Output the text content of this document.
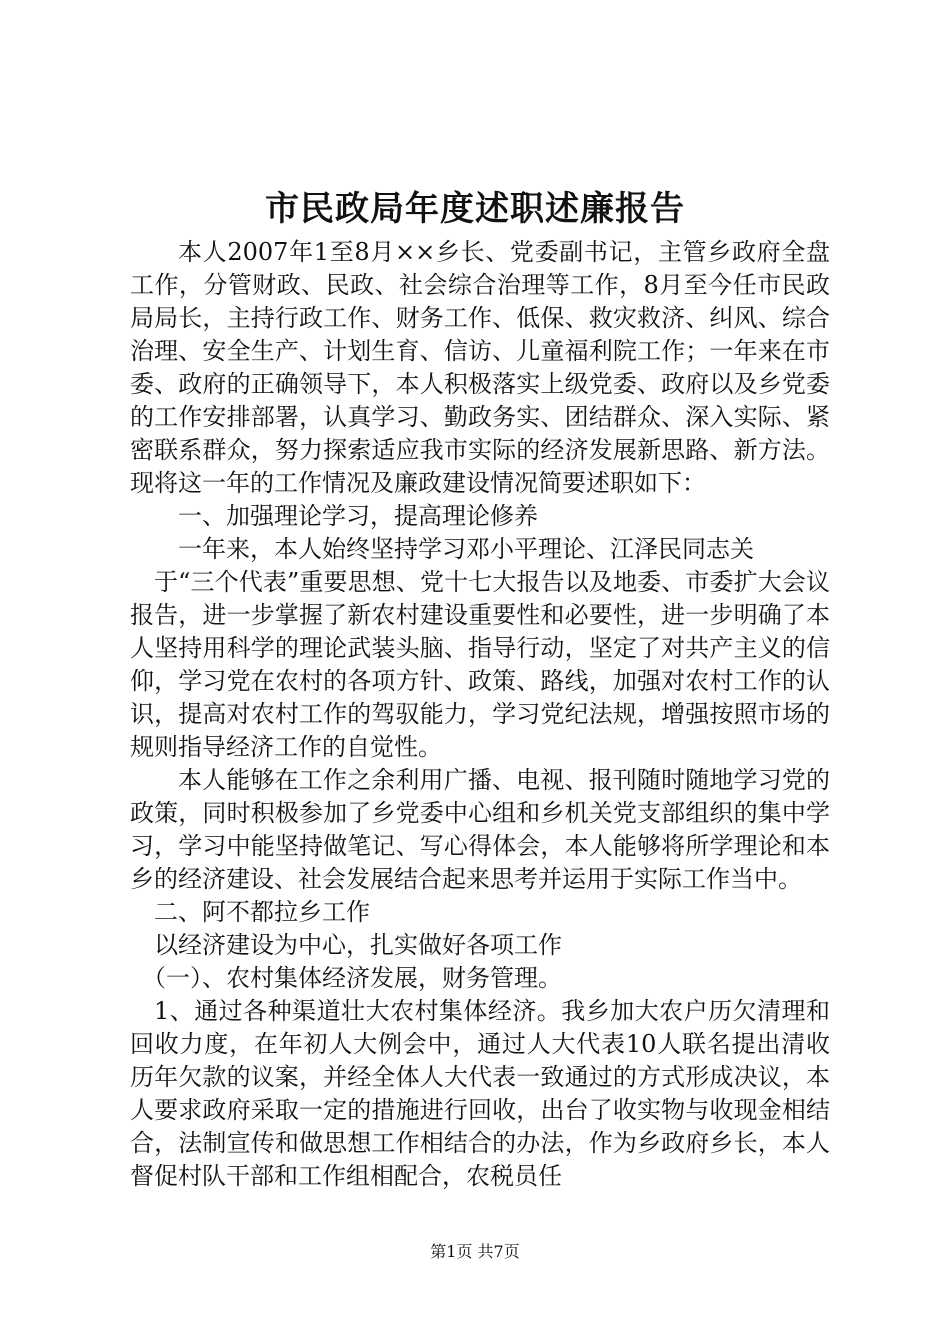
市民政局年度述职述廉报告

本人2007年1至8月××乡长、党委副书记，主管乡政府全盘工作，分管财政、民政、社会综合治理等工作，8月至今任市民政局局长，主持行政工作、财务工作、低保、救灾救济、纠风、综合治理、安全生产、计划生育、信访、儿童福利院工作；一年来在市委、政府的正确领导下，本人积极落实上级党委、政府以及乡党委的工作安排部署，认真学习、勤政务实、团结群众、深入实际、紧密联系群众，努力探索适应我市实际的经济发展新思路、新方法。现将这一年的工作情况及廉政建设情况简要述职如下：

一、加强理论学习，提高理论修养

一年来，本人始终坚持学习邓小平理论、江泽民同志关

于“三个代表”重要思想、党十七大报告以及地委、市委扩大会议报告，进一步掌握了新农村建设重要性和必要性，进一步明确了本人坚持用科学的理论武装头脑、指导行动，坚定了对共产主义的信仰，学习党在农村的各项方针、政策、路线，加强对农村工作的认识，提高对农村工作的驾驭能力，学习党纪法规，增强按照市场的规则指导经济工作的自觉性。

本人能够在工作之余利用广播、电视、报刊随时随地学习党的政策，同时积极参加了乡党委中心组和乡机关党支部组织的集中学习，学习中能坚持做笔记、写心得体会，本人能够将所学理论和本乡的经济建设、社会发展结合起来思考并运用于实际工作当中。

二、阿不都拉乡工作

以经济建设为中心，扎实做好各项工作

（一）、农村集体经济发展，财务管理。

1、通过各种渠道壮大农村集体经济。我乡加大农户历欠清理和回收力度，在年初人大例会中，通过人大代表10人联名提出清收历年欠款的议案，并经全体人大代表一致通过的方式形成决议，本人要求政府采取一定的措施进行回收，出台了收实物与收现金相结合，法制宣传和做思想工作相结合的办法，作为乡政府乡长，本人督促村队干部和工作组相配合，农税员任

第1页 共7页
